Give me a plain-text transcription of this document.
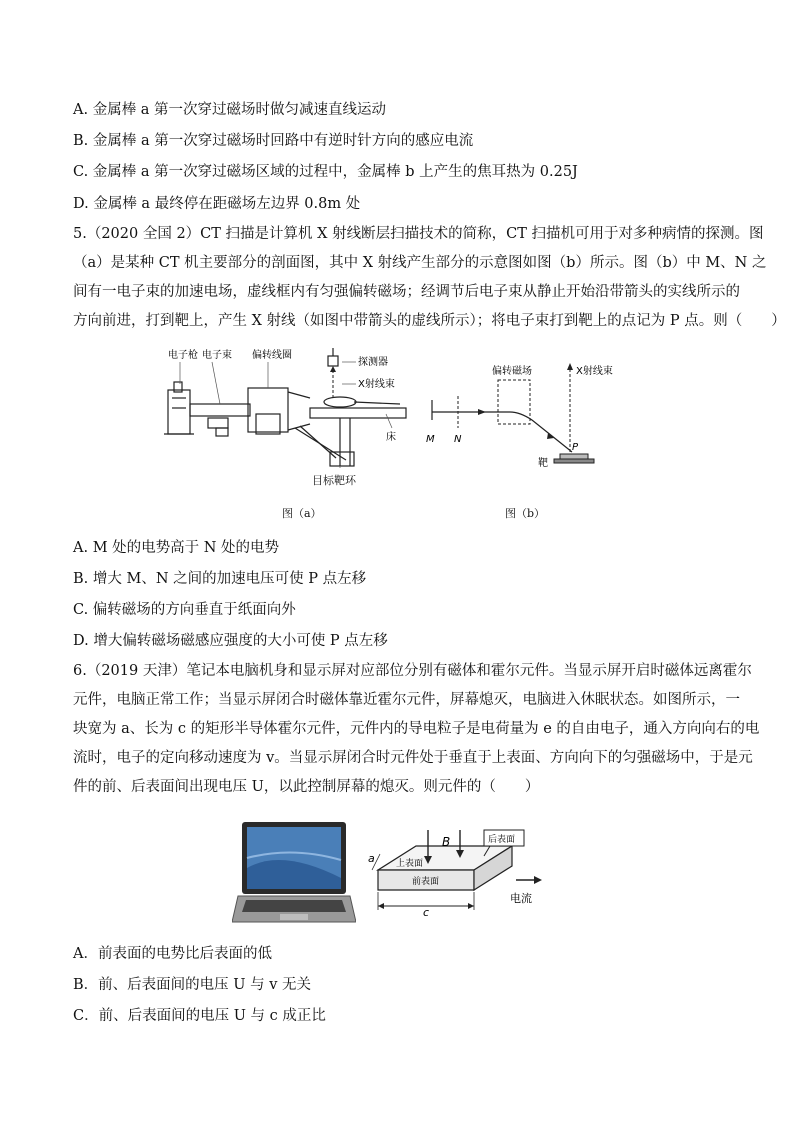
A. 金属棒 a 第一次穿过磁场时做匀减速直线运动
B. 金属棒 a 第一次穿过磁场时回路中有逆时针方向的感应电流
C. 金属棒 a 第一次穿过磁场区域的过程中，金属棒 b 上产生的焦耳热为 0.25J
D. 金属棒 a 最终停在距磁场左边界 0.8m 处
5.（2020 全国 2）CT 扫描是计算机 X 射线断层扫描技术的简称，CT 扫描机可用于对多种病情的探测。图
（a）是某种 CT 机主要部分的剖面图，其中 X 射线产生部分的示意图如图（b）所示。图（b）中 M、N 之
间有一电子束的加速电场，虚线框内有匀强偏转磁场；经调节后电子束从静止开始沿带箭头的实线所示的
方向前进，打到靶上，产生 X 射线（如图中带箭头的虚线所示）；将电子束打到靶上的点记为 P 点。则（　　）
电子枪 电子束 偏转线圈
探测器
X射线束
床
目标靶环
图（a）
偏转磁场	X射线束
M N
P
靶
图（b）
A. M 处的电势高于 N 处的电势
B. 增大 M、N 之间的加速电压可使 P 点左移
C. 偏转磁场的方向垂直于纸面向外
D. 增大偏转磁场磁感应强度的大小可使 P 点左移
6.（2019 天津）笔记本电脑机身和显示屏对应部位分别有磁体和霍尔元件。当显示屏开启时磁体远离霍尔
元件，电脑正常工作；当显示屏闭合时磁体靠近霍尔元件，屏幕熄灭，电脑进入休眠状态。如图所示，一
块宽为 a、长为 c 的矩形半导体霍尔元件，元件内的导电粒子是电荷量为 e 的自由电子，通入方向向右的电
流时，电子的定向移动速度为 v。当显示屏闭合时元件处于垂直于上表面、方向向下的匀强磁场中，于是元
件的前、后表面间出现电压 U，以此控制屏幕的熄灭。则元件的（　　）
B	后表面
上表面
前表面
a
c
电流
A．前表面的电势比后表面的低
B．前、后表面间的电压 U 与 v 无关
C．前、后表面间的电压 U 与 c 成正比
